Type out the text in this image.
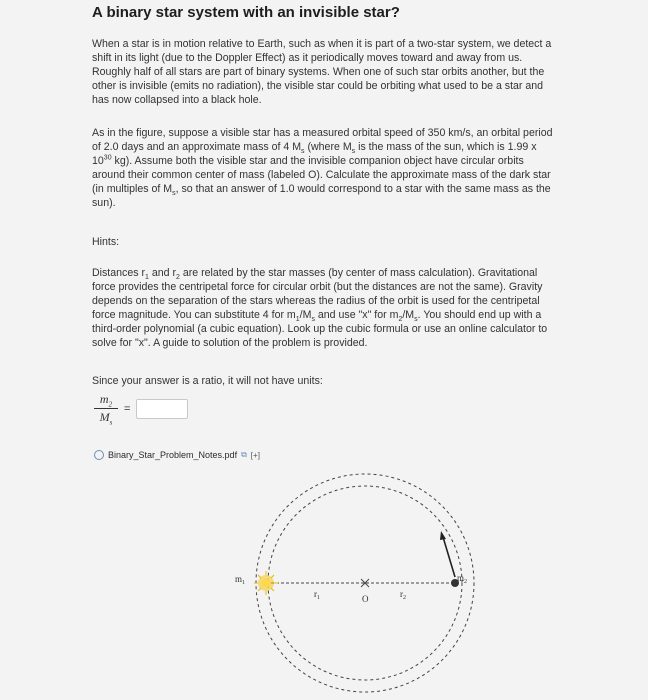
A binary star system with an invisible star?
When a star is in motion relative to Earth, such as when it is part of a two-star system, we detect a
shift in its light (due to the Doppler Effect) as it periodically moves toward and away from us.
Roughly half of all stars are part of binary systems. When one of such star orbits another, but the
other is invisible (emits no radiation), the visible star could be orbiting what used to be a star and
has now collapsed into a black hole.
As in the figure, suppose a visible star has a measured orbital speed of 350 km/s, an orbital period
of 2.0 days and an approximate mass of 4 $M_s$ (where $M_s$ is the mass of the sun, which is 1.99 x
$10^{30}$ kg). Assume both the visible star and the invisible companion object have circular orbits
around their common center of mass (labeled O). Calculate the approximate mass of the dark star
(in multiples of $M_s$, so that an answer of 1.0 would correspond to a star with the same mass as the
sun).
Hints:
Distances $r_1$ and $r_2$ are related by the star masses (by center of mass calculation). Gravitational
force provides the centripetal force for circular orbit (but the distances are not the same). Gravity
depends on the separation of the stars whereas the radius of the orbit is used for the centripetal
force magnitude. You can substitute 4 for $m_1/M_s$ and use "x" for $m_2/M_s$. You should end up with a
third-order polynomial (a cubic equation). Look up the cubic formula or use an online calculator to
solve for "x". A guide to solution of the problem is provided.
Since your answer is a ratio, it will not have units:
$\frac{m_2}{M_s}$ =
Binary_Star_Problem_Notes.pdf ⧉ [+]
$m_1$	$m_2$
$r_1$	$r_2$
O
